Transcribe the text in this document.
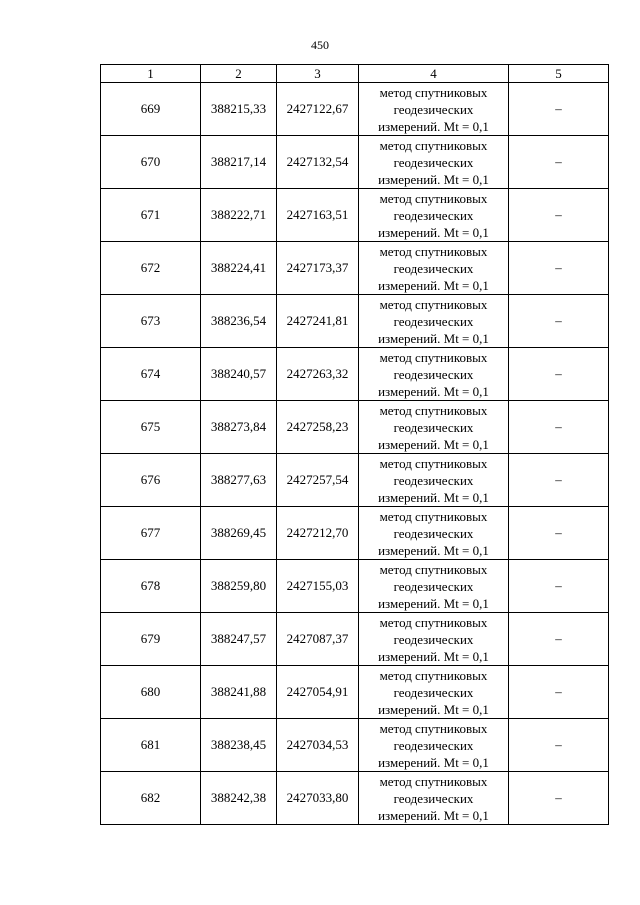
450
1	2	3	4	5
669	388215,33	2427122,67	метод спутниковых
геодезических
измерений. Mt = 0,1	–
670	388217,14	2427132,54	метод спутниковых
геодезических
измерений. Mt = 0,1	–
671	388222,71	2427163,51	метод спутниковых
геодезических
измерений. Mt = 0,1	–
672	388224,41	2427173,37	метод спутниковых
геодезических
измерений. Mt = 0,1	–
673	388236,54	2427241,81	метод спутниковых
геодезических
измерений. Mt = 0,1	–
674	388240,57	2427263,32	метод спутниковых
геодезических
измерений. Mt = 0,1	–
675	388273,84	2427258,23	метод спутниковых
геодезических
измерений. Mt = 0,1	–
676	388277,63	2427257,54	метод спутниковых
геодезических
измерений. Mt = 0,1	–
677	388269,45	2427212,70	метод спутниковых
геодезических
измерений. Mt = 0,1	–
678	388259,80	2427155,03	метод спутниковых
геодезических
измерений. Mt = 0,1	–
679	388247,57	2427087,37	метод спутниковых
геодезических
измерений. Mt = 0,1	–
680	388241,88	2427054,91	метод спутниковых
геодезических
измерений. Mt = 0,1	–
681	388238,45	2427034,53	метод спутниковых
геодезических
измерений. Mt = 0,1	–
682	388242,38	2427033,80	метод спутниковых
геодезических
измерений. Mt = 0,1	–
